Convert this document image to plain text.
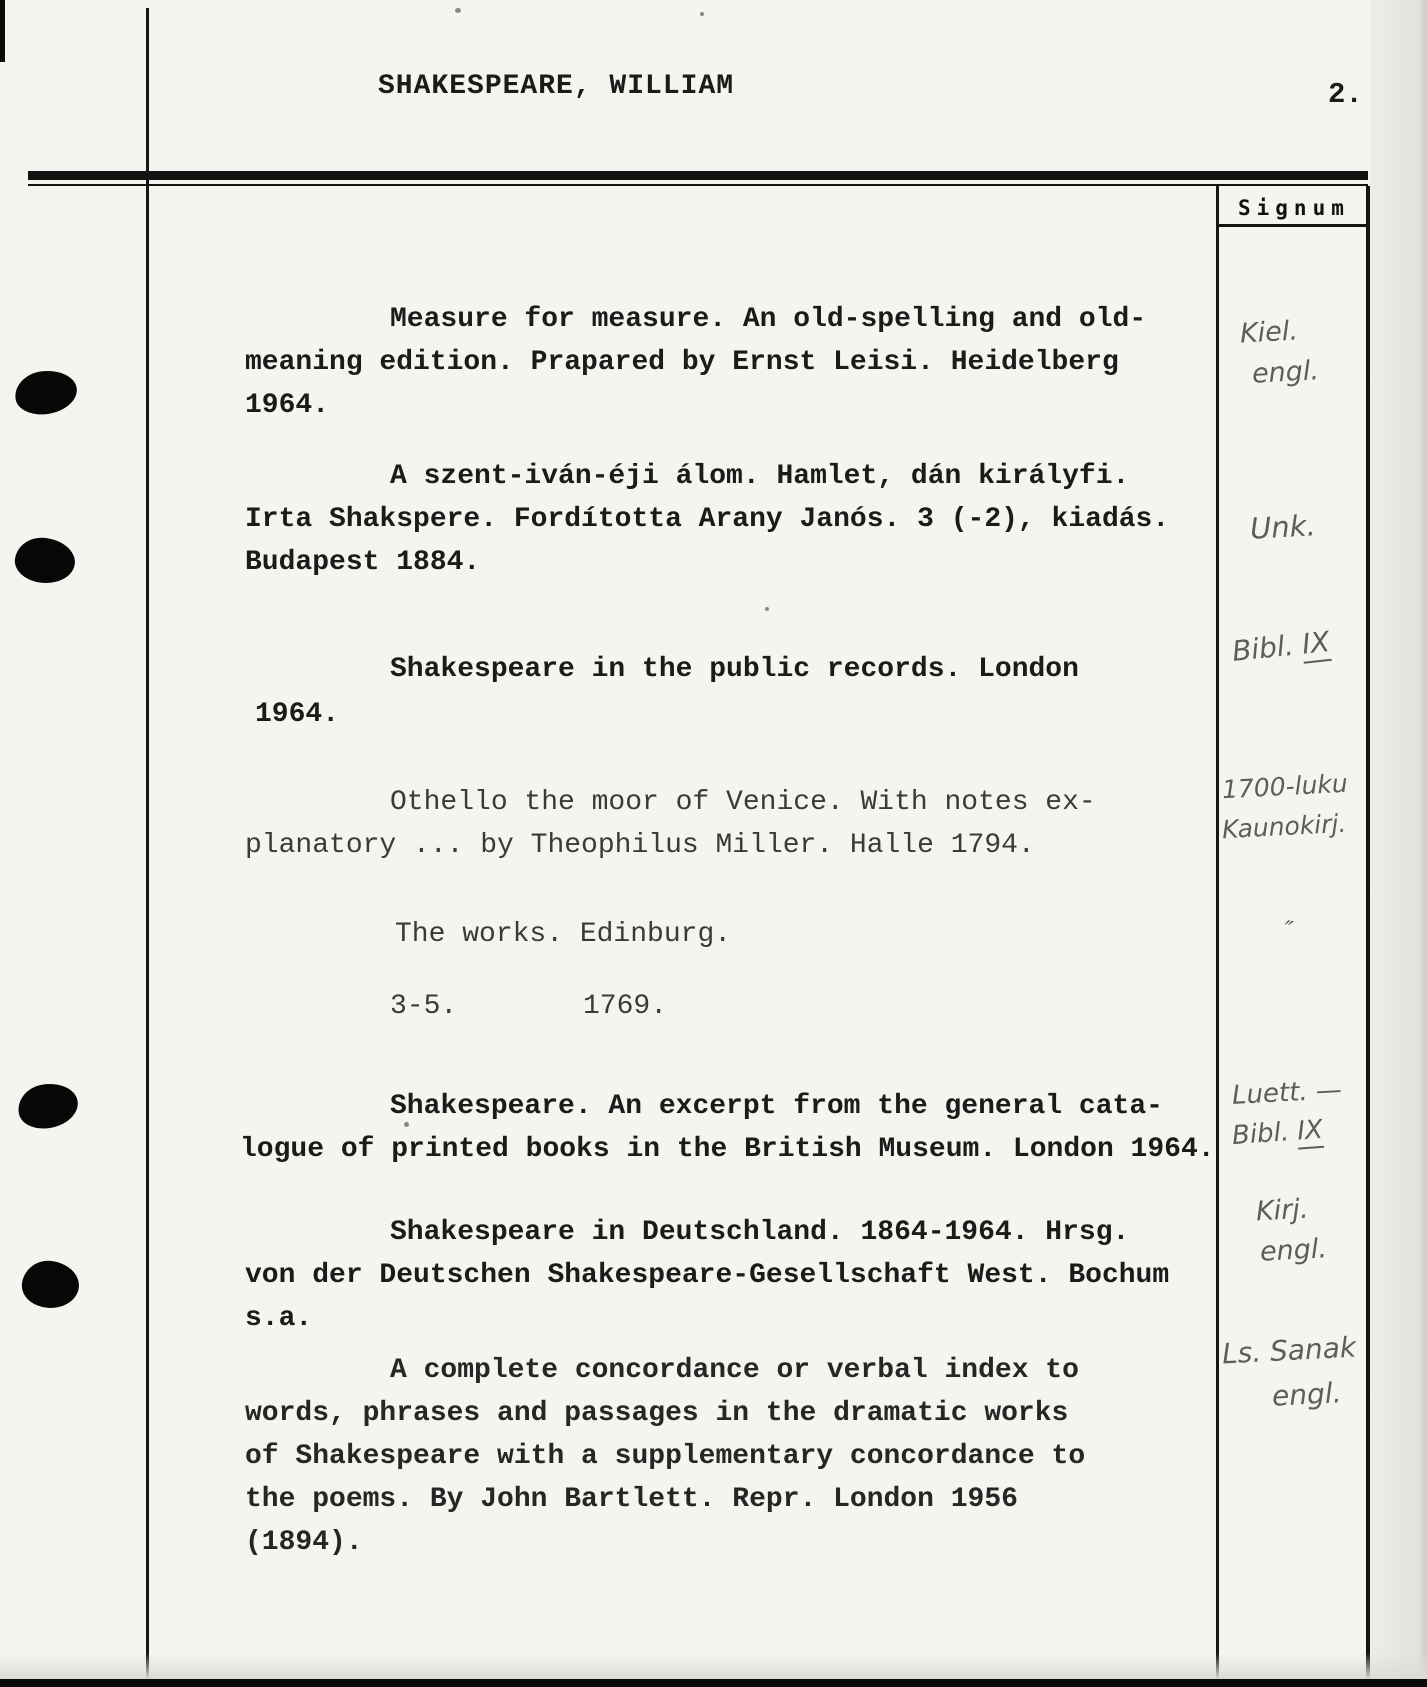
SHAKESPEARE, WILLIAM	2.
Signum
Measure for measure. An old-spelling and old-
meaning edition. Prapared by Ernst Leisi. Heidelberg
1964.
A szent-iván-éji álom. Hamlet, dán királyfi.
Irta Shakspere. Fordította Arany Janós. 3 (-2), kiadás.
Budapest 1884.
Shakespeare in the public records. London
1964.
Othello the moor of Venice. With notes ex-
planatory ... by Theophilus Miller. Halle 1794.
The works. Edinburg.
3-5.	1769.
Shakespeare. An excerpt from the general cata-
logue of printed books in the British Museum. London 1964.
Shakespeare in Deutschland. 1864-1964. Hrsg.
von der Deutschen Shakespeare-Gesellschaft West. Bochum
s.a.
A complete concordance or verbal index to
words, phrases and passages in the dramatic works
of Shakespeare with a supplementary concordance to
the poems. By John Bartlett. Repr. London 1956
(1894).
Kiel.
engl.
Unk.
Bibl. IX
1700-luku
Kaunokirj.
″
Luett. —
Bibl. IX
Kirj.
engl.
Ls. Sanak
engl.
